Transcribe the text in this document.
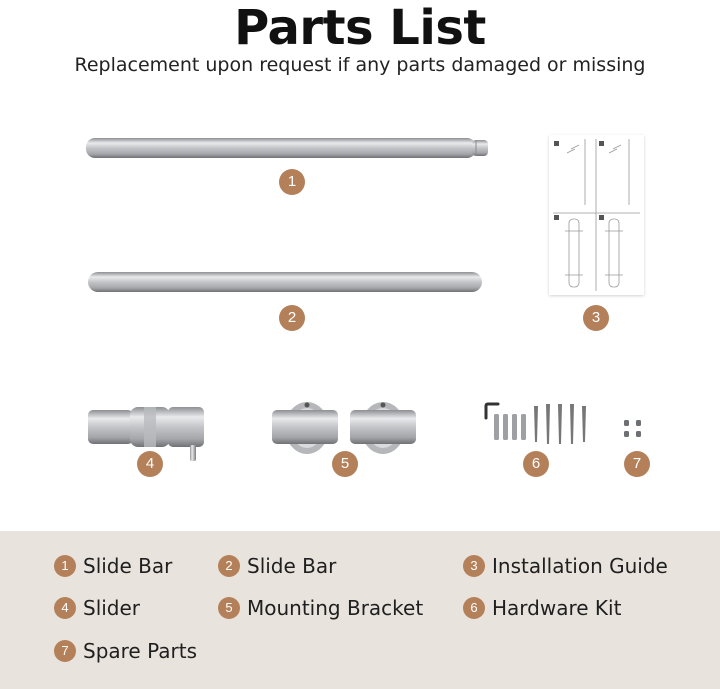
Parts List
Replacement upon request if any parts damaged or missing
1
2	3
4	5	6	7
1 Slide Bar	2 Slide Bar	3 Installation Guide
4 Slider	5 Mounting Bracket	6 Hardware Kit
7 Spare Parts
